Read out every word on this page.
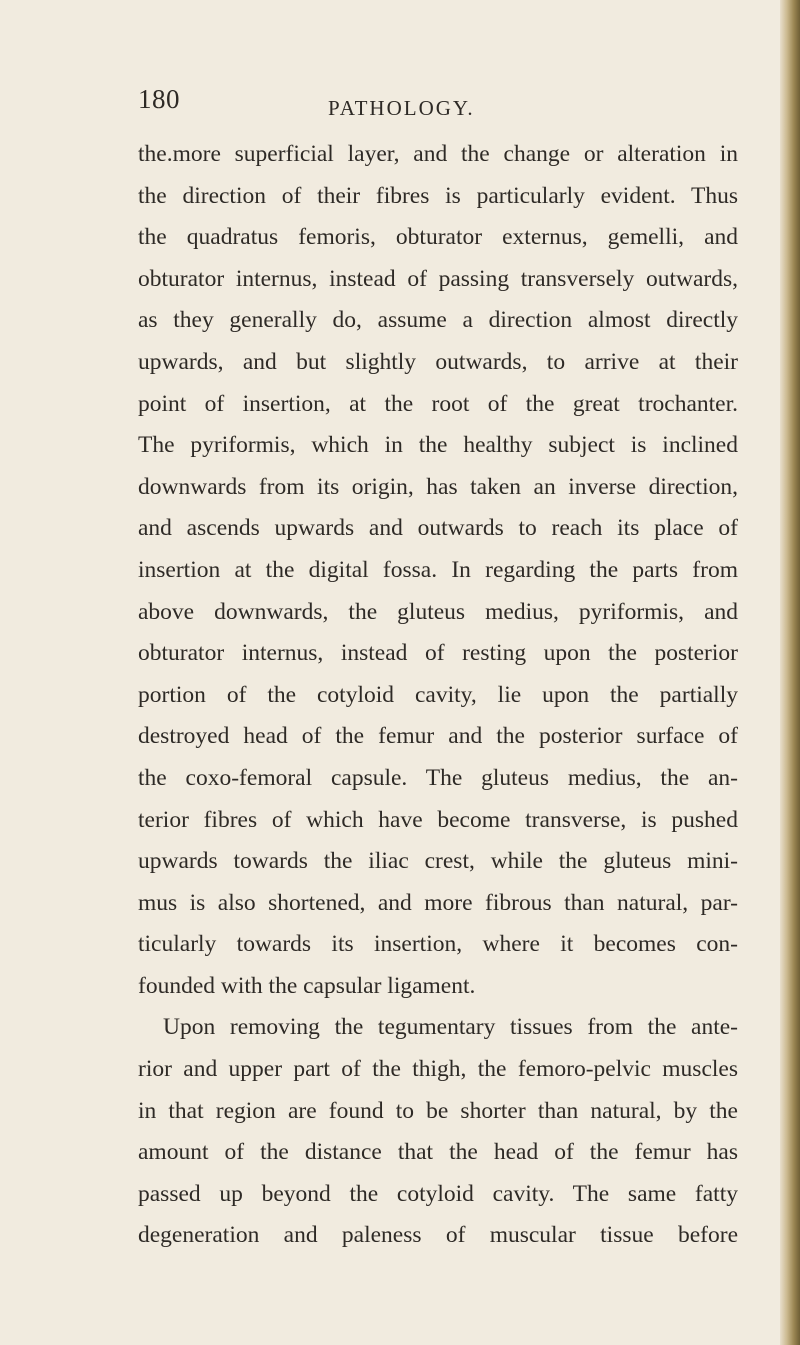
180	PATHOLOGY.
the.more superficial layer, and the change or alteration in
the direction of their fibres is particularly evident. Thus
the quadratus femoris, obturator externus, gemelli, and
obturator internus, instead of passing transversely outwards,
as they generally do, assume a direction almost directly
upwards, and but slightly outwards, to arrive at their
point of insertion, at the root of the great trochanter.
The pyriformis, which in the healthy subject is inclined
downwards from its origin, has taken an inverse direction,
and ascends upwards and outwards to reach its place of
insertion at the digital fossa. In regarding the parts from
above downwards, the gluteus medius, pyriformis, and
obturator internus, instead of resting upon the posterior
portion of the cotyloid cavity, lie upon the partially
destroyed head of the femur and the posterior surface of
the coxo-femoral capsule. The gluteus medius, the an-
terior fibres of which have become transverse, is pushed
upwards towards the iliac crest, while the gluteus mini-
mus is also shortened, and more fibrous than natural, par-
ticularly towards its insertion, where it becomes con-
founded with the capsular ligament.
Upon removing the tegumentary tissues from the ante-
rior and upper part of the thigh, the femoro-pelvic muscles
in that region are found to be shorter than natural, by the
amount of the distance that the head of the femur has
passed up beyond the cotyloid cavity. The same fatty
degeneration and paleness of muscular tissue before
